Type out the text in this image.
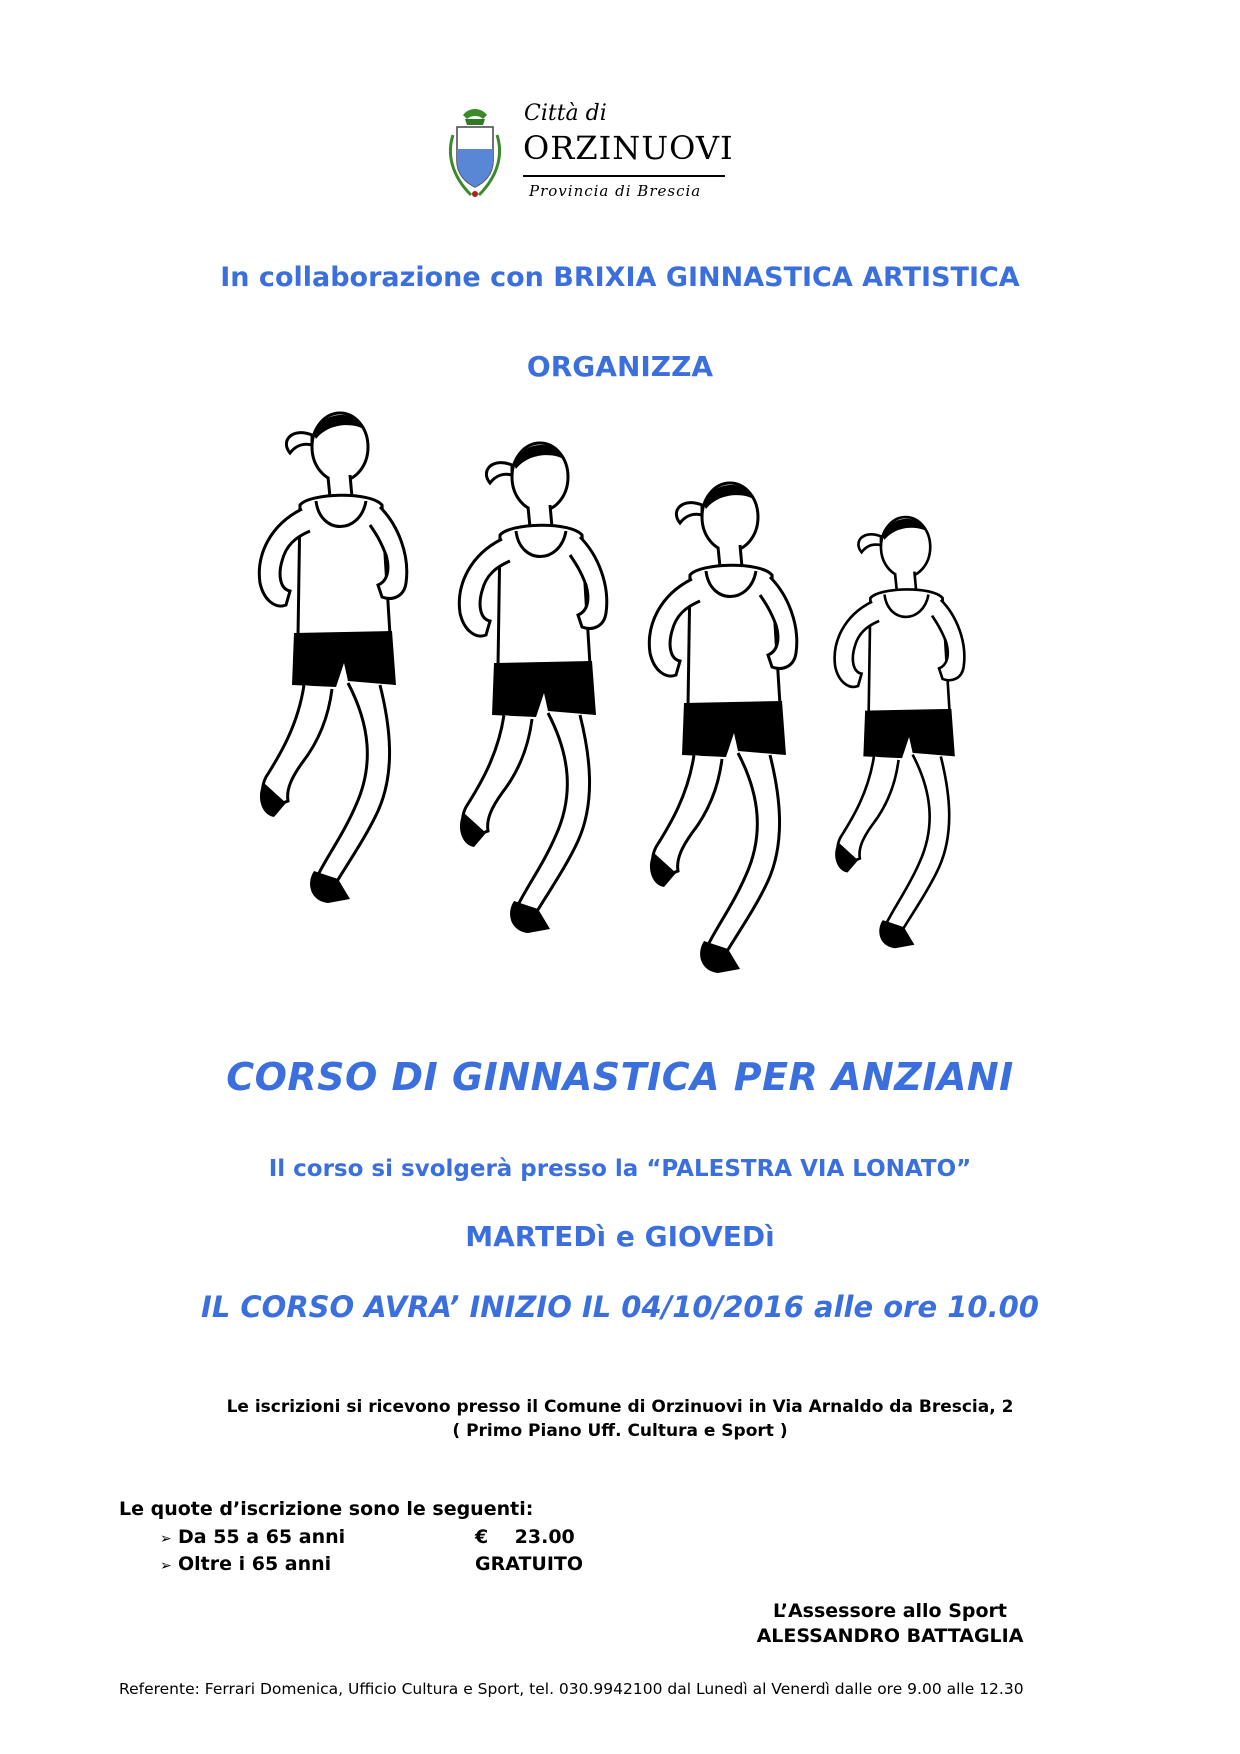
Città di
ORZINUOVI
Provincia di Brescia
In collaborazione con BRIXIA GINNASTICA ARTISTICA
ORGANIZZA
CORSO DI GINNASTICA PER ANZIANI
Il corso si svolgerà presso la “PALESTRA VIA LONATO”
MARTEDì e GIOVEDì
IL CORSO AVRA’ INIZIO IL 04/10/2016 alle ore 10.00
Le iscrizioni si ricevono presso il Comune di Orzinuovi in Via Arnaldo da Brescia, 2
( Primo Piano Uff. Cultura e Sport )
Le quote d’iscrizione sono le seguenti:
➢ Da 55 a 65 anni	€    23.00
➢ Oltre i 65 anni	GRATUITO
L’Assessore allo Sport
ALESSANDRO BATTAGLIA
Referente: Ferrari Domenica, Ufficio Cultura e Sport, tel. 030.9942100 dal Lunedì al Venerdì dalle ore 9.00 alle 12.30
